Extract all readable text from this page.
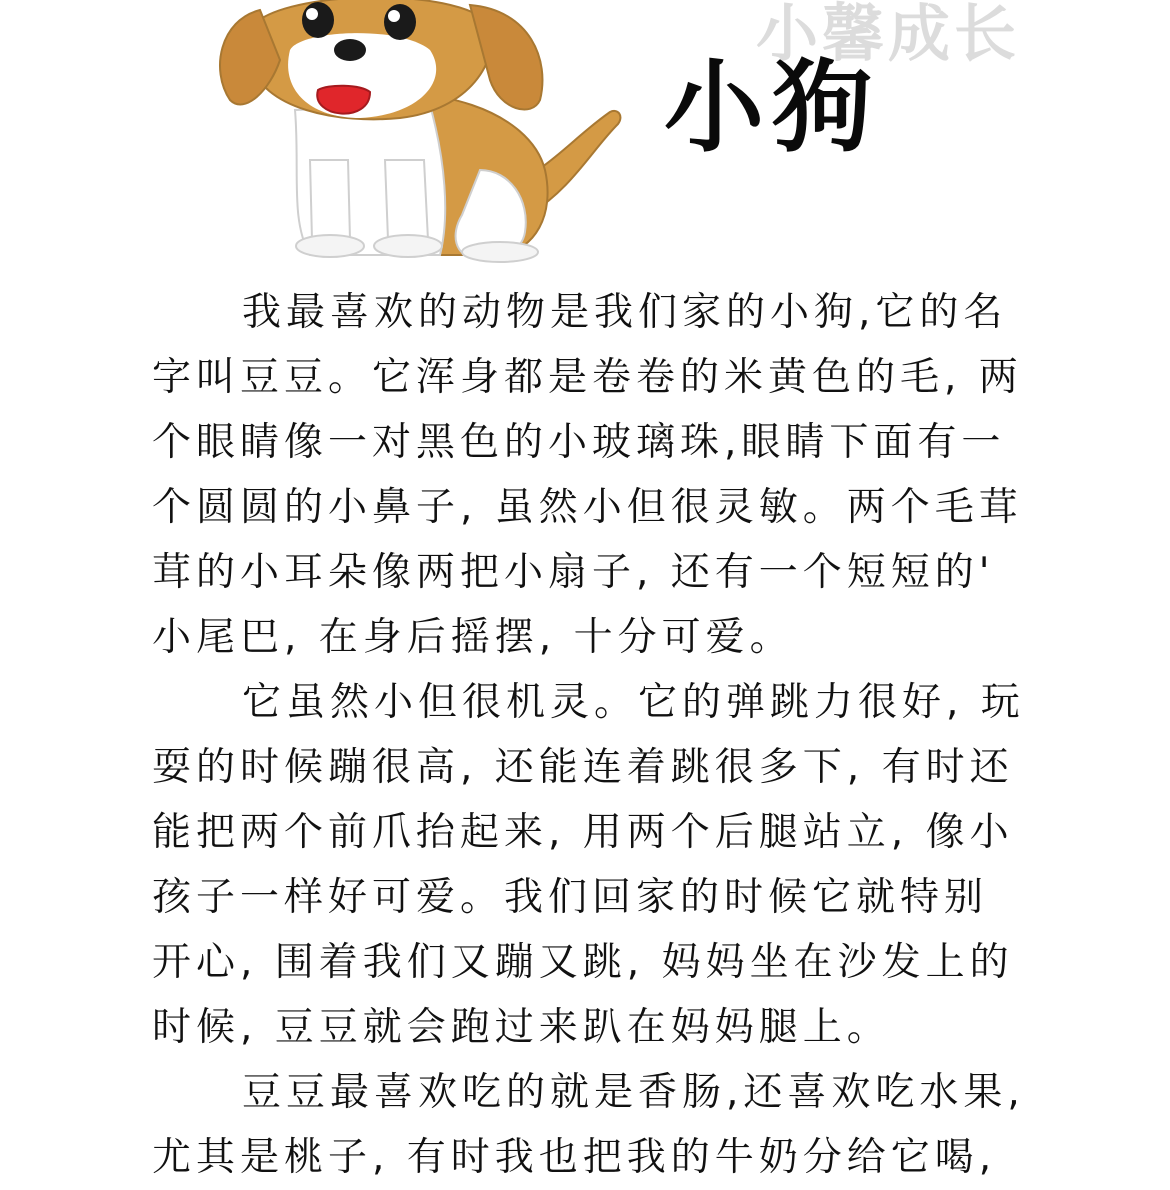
小馨成长
小狗
我最喜欢的动物是我们家的小狗,它的名
字叫豆豆。它浑身都是卷卷的米黄色的毛, 两
个眼睛像一对黑色的小玻璃珠,眼睛下面有一
个圆圆的小鼻子, 虽然小但很灵敏。两个毛茸
茸的小耳朵像两把小扇子, 还有一个短短的'
小尾巴, 在身后摇摆, 十分可爱。
它虽然小但很机灵。它的弹跳力很好, 玩
耍的时候蹦很高, 还能连着跳很多下, 有时还
能把两个前爪抬起来, 用两个后腿站立, 像小
孩子一样好可爱。我们回家的时候它就特别
开心, 围着我们又蹦又跳, 妈妈坐在沙发上的
时候, 豆豆就会跑过来趴在妈妈腿上。
豆豆最喜欢吃的就是香肠,还喜欢吃水果,
尤其是桃子, 有时我也把我的牛奶分给它喝,
